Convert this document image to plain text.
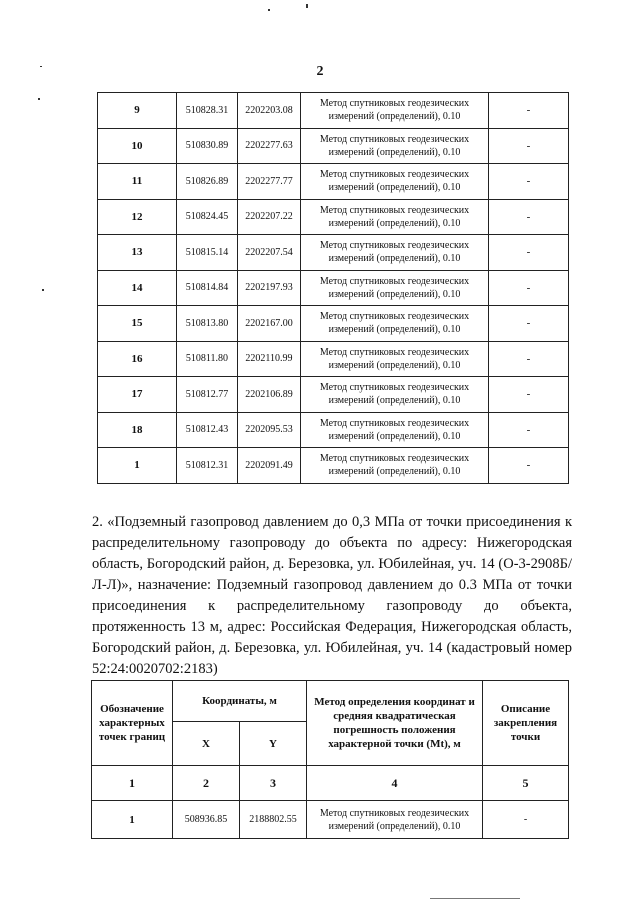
2
9	510828.31	2202203.08	Метод спутниковых геодезических измерений (определений), 0.10	-
10	510830.89	2202277.63	Метод спутниковых геодезических измерений (определений), 0.10	-
11	510826.89	2202277.77	Метод спутниковых геодезических измерений (определений), 0.10	-
12	510824.45	2202207.22	Метод спутниковых геодезических измерений (определений), 0.10	-
13	510815.14	2202207.54	Метод спутниковых геодезических измерений (определений), 0.10	-
14	510814.84	2202197.93	Метод спутниковых геодезических измерений (определений), 0.10	-
15	510813.80	2202167.00	Метод спутниковых геодезических измерений (определений), 0.10	-
16	510811.80	2202110.99	Метод спутниковых геодезических измерений (определений), 0.10	-
17	510812.77	2202106.89	Метод спутниковых геодезических измерений (определений), 0.10	-
18	510812.43	2202095.53	Метод спутниковых геодезических измерений (определений), 0.10	-
1	510812.31	2202091.49	Метод спутниковых геодезических измерений (определений), 0.10	-
2. «Подземный газопровод давлением до 0,3 МПа от точки присоединения к распределительному газопроводу до объекта по адресу: Нижегородская область, Богородский район, д. Березовка, ул. Юбилейная, уч. 14 (О-3-2908Б/Л-Л)», назначение: Подземный газопровод давлением до 0.3 МПа от точки присоединения к распределительному газопроводу до объекта, протяженность 13 м, адрес: Российская Федерация, Нижегородская область, Богородский район, д. Березовка, ул. Юбилейная, уч. 14 (кадастровый номер 52:24:0020702:2183)
Обозначение характерных точек границ	Координаты, м		Метод определения координат и средняя квадратическая погрешность положения характерной точки (Mt), м	Описание закрепления точки
	X	Y		
1	2	3	4	5
1	508936.85	2188802.55	Метод спутниковых геодезических измерений (определений), 0.10	-
